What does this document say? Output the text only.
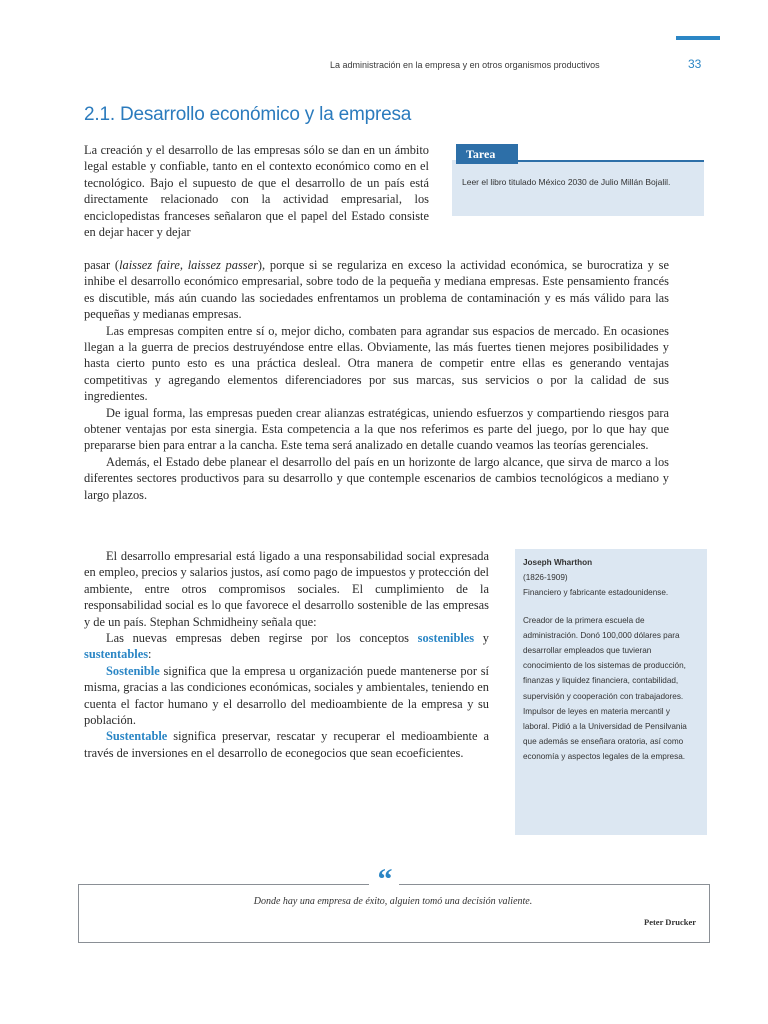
La administración en la empresa y en otros organismos productivos	33
2.1. Desarrollo económico y la empresa

La creación y el desarrollo de las empresas sólo se dan en un ámbito legal estable y confiable, tanto en el contexto económico como en el tecnológico. Bajo el supuesto de que el desarrollo de un país está directamente relacionado con la actividad empresarial, los enciclopedistas franceses señalaron que el papel del Estado consiste en dejar hacer y dejar

Tarea
Leer el libro titulado México 2030 de Julio Millán Bojalil.

pasar (laissez faire, laissez passer), porque si se regulariza en exceso la actividad económica, se burocratiza y se inhibe el desarrollo económico empresarial, sobre todo de la pequeña y mediana empresas. Este pensamiento francés es discutible, más aún cuando las sociedades enfrentamos un problema de contaminación y es más válido para las pequeñas y medianas empresas.

Las empresas compiten entre sí o, mejor dicho, combaten para agrandar sus espacios de mercado. En ocasiones llegan a la guerra de precios destruyéndose entre ellas. Obviamente, las más fuertes tienen mejores posibilidades y hasta cierto punto esto es una práctica desleal. Otra manera de competir entre ellas es generando ventajas competitivas y agregando elementos diferenciadores por sus marcas, sus servicios o por la calidad de sus ingredientes.

De igual forma, las empresas pueden crear alianzas estratégicas, uniendo esfuerzos y compartiendo riesgos para obtener ventajas por esta sinergia. Esta competencia a la que nos referimos es parte del juego, por lo que hay que prepararse bien para entrar a la cancha. Este tema será analizado en detalle cuando veamos las teorías gerenciales.

Además, el Estado debe planear el desarrollo del país en un horizonte de largo alcance, que sirva de marco a los diferentes sectores productivos para su desarrollo y que contemple escenarios de cambios tecnológicos a mediano y largo plazos.

El desarrollo empresarial está ligado a una responsabilidad social expresada en empleo, precios y salarios justos, así como pago de impuestos y protección del ambiente, entre otros compromisos sociales. El cumplimiento de la responsabilidad social es lo que favorece el desarrollo sostenible de las empresas y de un país. Stephan Schmidheiny señala que:

Las nuevas empresas deben regirse por los conceptos sostenibles y sustentables:

Sostenible significa que la empresa u organización puede mantenerse por sí misma, gracias a las condiciones económicas, sociales y ambientales, teniendo en cuenta el factor humano y el desarrollo del medioambiente de la empresa y su población.

Sustentable significa preservar, rescatar y recuperar el medioambiente a través de inversiones en el desarrollo de econegocios que sean ecoeficientes.

Joseph Wharthon
(1826-1909)
Financiero y fabricante estadounidense.
Creador de la primera escuela de administración. Donó 100,000 dólares para desarrollar empleados que tuvieran conocimiento de los sistemas de producción, finanzas y liquidez financiera, contabilidad, supervisión y cooperación con trabajadores. Impulsor de leyes en materia mercantil y laboral. Pidió a la Universidad de Pensilvania que además se enseñara oratoria, así como economía y aspectos legales de la empresa.
“
Donde hay una empresa de éxito, alguien tomó una decisión valiente.
Peter Drucker
